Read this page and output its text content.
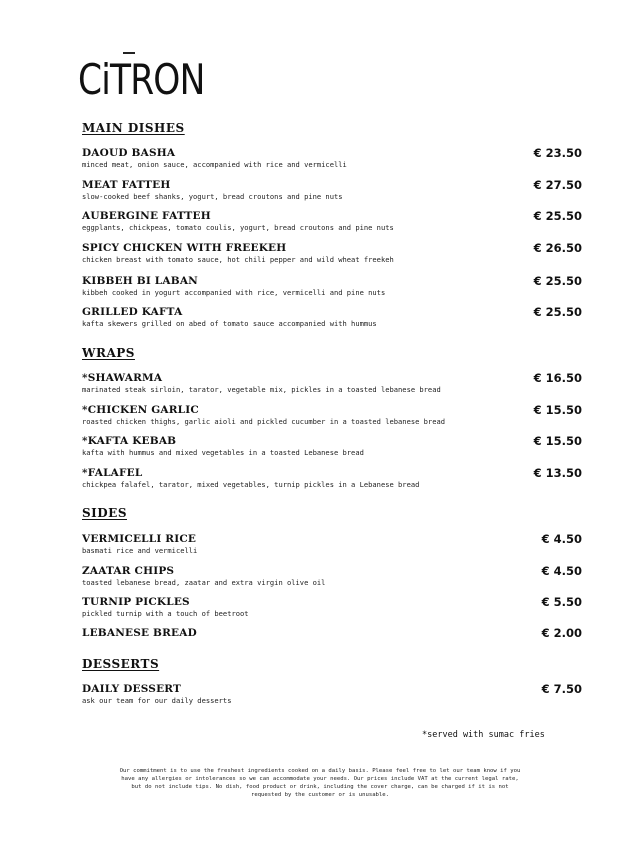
CiTRON
MAIN DISHES
DAOUD BASHA
minced meat, onion sauce, accompanied with rice and vermicelli
€ 23.50
MEAT FATTEH
slow-cooked beef shanks, yogurt, bread croutons and pine nuts
€ 27.50
AUBERGINE FATTEH
eggplants, chickpeas, tomato coulis, yogurt, bread croutons and pine nuts
€ 25.50
SPICY CHICKEN WITH FREEKEH
chicken breast with tomato sauce, hot chili pepper and wild wheat freekeh
€ 26.50
KIBBEH BI LABAN
kibbeh cooked in yogurt accompanied with rice, vermicelli and pine nuts
€ 25.50
GRILLED KAFTA
kafta skewers grilled on abed of tomato sauce accompanied with hummus
€ 25.50
WRAPS
*SHAWARMA
marinated steak sirloin, tarator, vegetable mix, pickles in a toasted lebanese bread
€ 16.50
*CHICKEN GARLIC
roasted chicken thighs, garlic aioli and pickled cucumber in a toasted lebanese bread
€ 15.50
*KAFTA KEBAB
kafta with hummus and mixed vegetables in a toasted Lebanese bread
€ 15.50
*FALAFEL
chickpea falafel, tarator, mixed vegetables, turnip pickles in a Lebanese bread
€ 13.50
SIDES
VERMICELLI RICE
basmati rice and vermicelli
€ 4.50
ZAATAR CHIPS
toasted lebanese bread, zaatar and extra virgin olive oil
€ 4.50
TURNIP PICKLES
pickled turnip with a touch of beetroot
€ 5.50
LEBANESE BREAD	€ 2.00
DESSERTS
DAILY DESSERT
ask our team for our daily desserts
€ 7.50
*served with sumac fries
Our commitment is to use the freshest ingredients cooked on a daily basis. Please feel free to let our team know if you have any allergies or intolerances so we can accommodate your needs. Our prices include VAT at the current legal rate, but do not include tips. No dish, food product or drink, including the cover charge, can be charged if it is not requested by the customer or is unusable.
